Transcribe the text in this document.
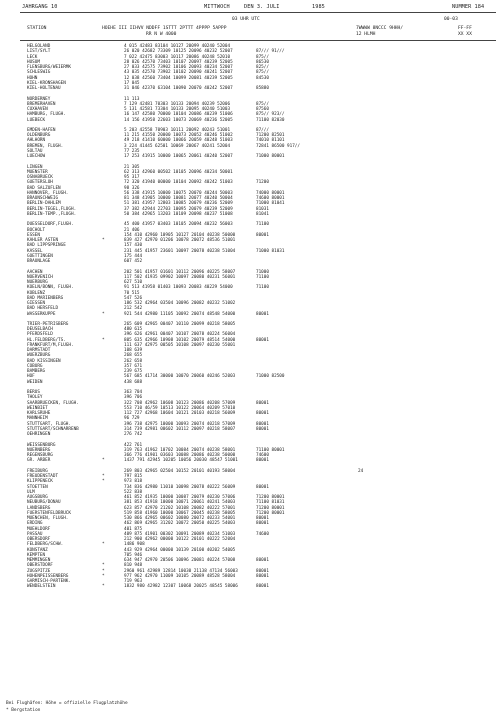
JAHRGANG 10	MITTWOCH	DEN 3. JULI	1985	NUMMER 184
03 UHR UTC	00-03
STATION	HOEHE III IIHVV NDDFF 1STTT 2PTTT 4PPPP 5APPP
RR N W 4000
7WWWW 8NCCC 9HHH/
12 HLMH
FF-FF
XX XX
HELGOLAND	4 015 42483 83104 10127 20099 40240 52004
LIST/SYLT	26 020 42682 73309 10125 20096 40232 52007	87/// 91///
LECK	7 022 42475 83003 10117 20086 40248 52010	875//
HUSUM	28 026 42570 73403 10107 20097 40239 52005	86530
FLENSBURG/WEIERMK	27 033 42575 73902 10106 20093 40234 52007	825//
SCHLESWIG	43 035 42570 73902 10102 20090 40241 52007	875//
HOHN	12 038 42560 73404 10099 20081 40239 52005	84530
KIEL-KRONSHAGEN	17 045
KIEL-HOLTENAU	31 046 42370 63104 10090 20070 40242 52007	85880
NORDERNEY	11 113
BREMERHAVEN	7 129 42481 70303 10133 20094 40239 52006	875//
CUXHAVEN	5 131 42581 73304 10133 20095 40240 51003	87560
HAMBURG, FLUGH.	16 147 42580 70000 10104 20086 40239 51006	875// 923//
LUEBECK	14 156 41958 22603 10073 20069 40236 52005	71100 82030
EMDEN-HAFEN	5 203 42558 70903 10111 20092 40243 51001	87///
OLDENBURG	11 215 41550 20000 10073 20052 40246 51002	71200 82501
AHLHORN	49 218 41410 60000 10066 20059 40248 51003	74010 81101
BREMEN, FLUGH.	3 224 41445 62501 10069 20067 40241 52004	72841 86500 917//
SOLTAU	77 235
LUECHOW	17 253 41915 10000 10065 20061 40240 52007	71000 80001
LINGEN	21 305
MUENSTER	62 313 42960 00502 10105 20096 40234 50001
OSNABRUECK	95 317
GUETERSLOH	72 320 41940 00000 10104 20092 40242 51003	71200
BAD SALZUFLEN	98 326
HANNOVER, FLUGH.	56 338 41915 10000 10075 20070 40244 50003	74000 80001
BRAUNSCHWEIG	81 348 41905 10000 10081 20077 40240 50004	74600 80001
BERLIN-DAHLEM	51 381 41957 12803 10085 20079 40236 52009	71000 81041
BERLIN-TEGEL,FLUGH.	37 382 42944 22703 10095 20079 40239 52009	81031
BERLIN-TEMP.,FLUGH.	50 384 42965 13203 10109 20098 40237 51008	81041
DUESSELDORF,FLUGH.	45 400 41957 03403 10105 20094 40232 56003	71100
BOCHOLT	21 406
ESSEN	154 410 42960 10905 10127 20104 40238 50000	80001
KAHLER ASTEN	*	839 427 42970 01206 10078 20072 48536 51001
BAD LIPPSPRINGE	157 430
KASSEL	231 445 41957 23601 10097 20078 40238 51004	71000 81031
GOETTINGEN	175 444
BRAUNLAGE	607 452
AACHEN	202 501 41957 01601 10112 20096 40225 58007	71000
NOERVENICH	117 502 41935 09902 10097 20080 40231 56001	71100
NUERBURG	627 510
KOELN/BONN, FLUGH.	91 513 41958 01403 10093 20083 40229 54000	71100
KOBLENZ	70 515
BAD MARIENBERG	547 526
GIESSEN	186 532 42964 03504 10096 20082 40232 51002
BAD HERSFELD	212 542
WASSERKUPPE	*	921 544 42980 11105 10092 20074 48548 54000	80001
TRIER-PETRISBERG	265 609 42965 00407 10110 20099 40218 58005
DEUSELBACH	480 615
PFERDSFELD	396 626 42961 00407 10107 20078 40224 56004
HL.FELDBERG/TS.	*	805 635 42966 10908 10102 20079 48514 54000	80001
FRANKFURT/M,FLUGH.	111 637 42975 00505 10108 20097 40230 55001
DARMSTADT	108 639
WUERZBURG	268 655
BAD KISSINGEN	262 658
COBURG	357 671
BAMBERG	239 675
HOF	567 685 41714 30000 10070 20060 40246 52003	71000 82500
WEIDEN	438 688
BERUS	363 704
THOLEY	396 706
SAARBRUECKEN, FLUGH.	322 708 42962 10608 10123 20086 40208 57009	80001
WEINBIET	553 710 46/59 10513 10122 20064 40209 57010
KARLSRUHE	112 727 42968 10604 10121 20103 40218 56009	80001
MANNHEIM	96 729
STUTTGART, FLUGH.	396 738 42975 10000 10093 20074 40218 57009	80001
STUTTGART/SCHNARRENB	314 739 42981 00602 10112 20097 40218 58007	80001
OEHRINGEN	276 742
WEISSENBURG	422 761
NUERNBERG	319 763 41962 10702 10084 20074 40238 58001	71100 80001
REGENSBURG	366 776 41901 03603 10088 20086 40238 50000	74600
GR. ARBER	*	1437 791 42945 10205 10056 20030 48547 51001	80001
FREIBURG	269 803 42965 02504 10152 20101 40193 58004	24
FREUDENSTADT	*	797 815
KLIPPENECK	*	973 818
STOETTEN	734 836 42980 11010 10098 20078 40222 56009	80001
ULM	522 838
AUGSBURG	461 852 41935 10000 10087 20079 40230 57006	71200 80001
NEUBURG/DONAU	381 853 41918 10000 10071 20061 40241 54003	71100 81031
LANDSBERG	623 857 42970 21202 10108 20082 40222 57001	71200 80001
FUERSTENFELDBRUCK	519 858 41960 10000 10067 20045 40238 58005	71200 80001
MUENCHEN, FLUGH.	530 866 42965 00602 10080 20072 40233 54001	80001
ERDING	462 869 42965 31202 10072 20050 40225 54003	80001
MUEHLDORF	401 875
PASSAU	409 875 41901 00302 10091 20089 40234 51003	74600
OBERSDORF	212 900 42962 00000 10122 20101 40222 52004
FELDBERG/SCHW.	*	1486 908
KONSTANZ	443 929 42964 00000 10139 20100 40202 54005
KEMPTEN	705 946
MEMMINGEN	634 947 42970 20506 10096 20081 40224 57008	80001
OBERSTDORF	*	810 948
ZUGSPITZE	*	2960 961 42989 12814 10030 21138 47134 56003	80001
HOHENPEISSENBERG	*	977 962 42970 11009 10105 20089 48528 58004	80001
GARMISCH-PARTENK.	719 963
WENDELSTEIN	*	1832 980 42982 12307 10068 20025 48545 58006	80001
Bei Flughäfen: Höhe = offizielle Flugplatzhöhe
* Bergstation
